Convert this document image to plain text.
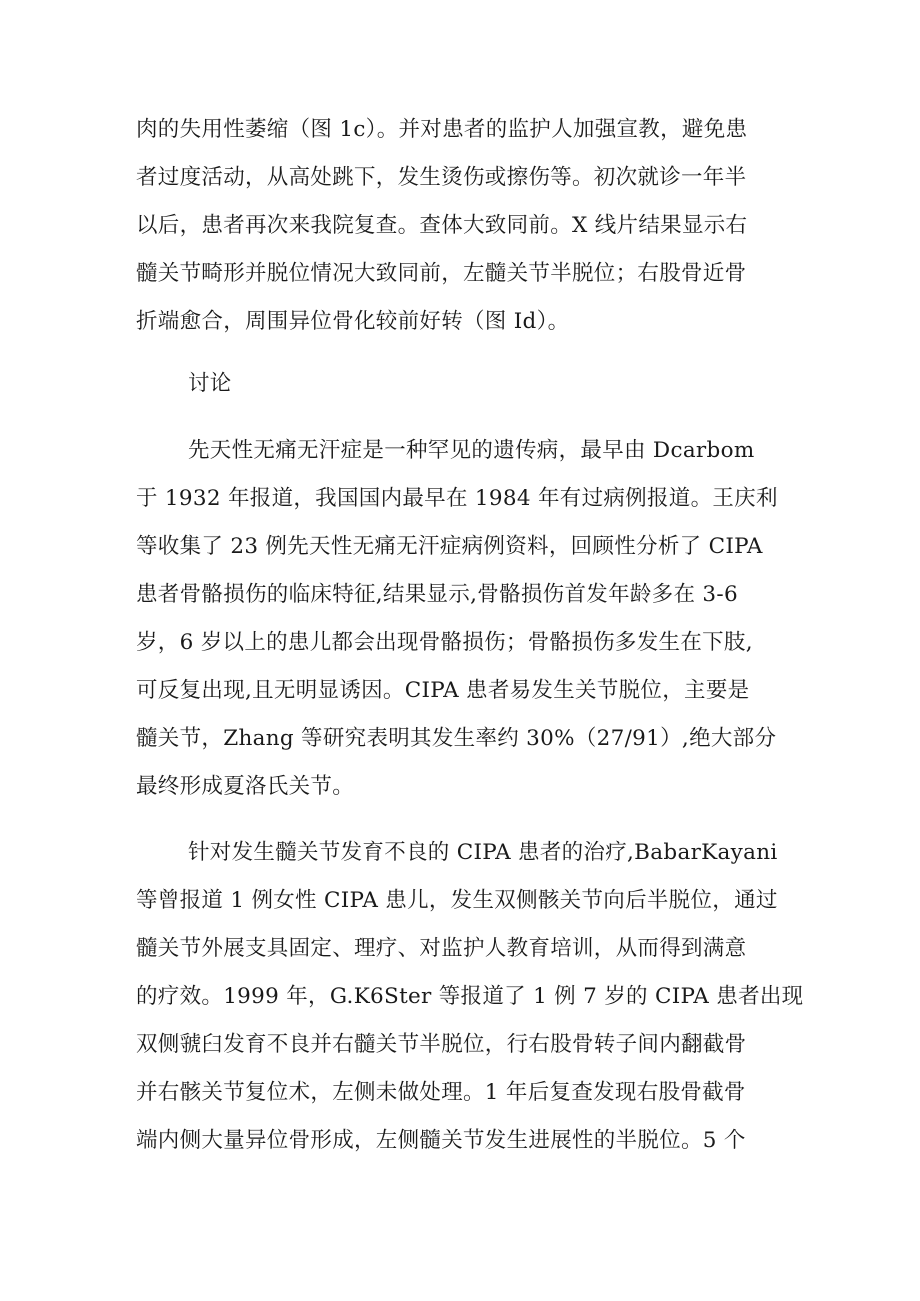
肉的失用性萎缩（图 1c）。并对患者的监护人加强宣教，避免患
者过度活动，从高处跳下，发生烫伤或擦伤等。初次就诊一年半
以后，患者再次来我院复查。查体大致同前。X 线片结果显示右
髓关节畸形并脱位情况大致同前，左髓关节半脱位；右股骨近骨
折端愈合，周围异位骨化较前好转（图 Id）。
讨论
先天性无痛无汗症是一种罕见的遗传病，最早由 Dcarbom
于 1932 年报道，我国国内最早在 1984 年有过病例报道。王庆利
等收集了 23 例先天性无痛无汗症病例资料，回顾性分析了 CIPA
患者骨骼损伤的临床特征,结果显示,骨骼损伤首发年龄多在 3-6
岁，6 岁以上的患儿都会出现骨骼损伤；骨骼损伤多发生在下肢,
可反复出现,且无明显诱因。CIPA 患者易发生关节脱位，主要是
髓关节，Zhang 等研究表明其发生率约 30%（27/91）,绝大部分
最终形成夏洛氏关节。
针对发生髓关节发育不良的 CIPA 患者的治疗,BabarKayani
等曾报道 1 例女性 CIPA 患儿，发生双侧骸关节向后半脱位，通过
髓关节外展支具固定、理疗、对监护人教育培训，从而得到满意
的疗效。1999 年，G.K6Ster 等报道了 1 例 7 岁的 CIPA 患者出现
双侧虢臼发育不良并右髓关节半脱位，行右股骨转子间内翻截骨
并右骸关节复位术，左侧未做处理。1 年后复查发现右股骨截骨
端内侧大量异位骨形成，左侧髓关节发生进展性的半脱位。5 个
